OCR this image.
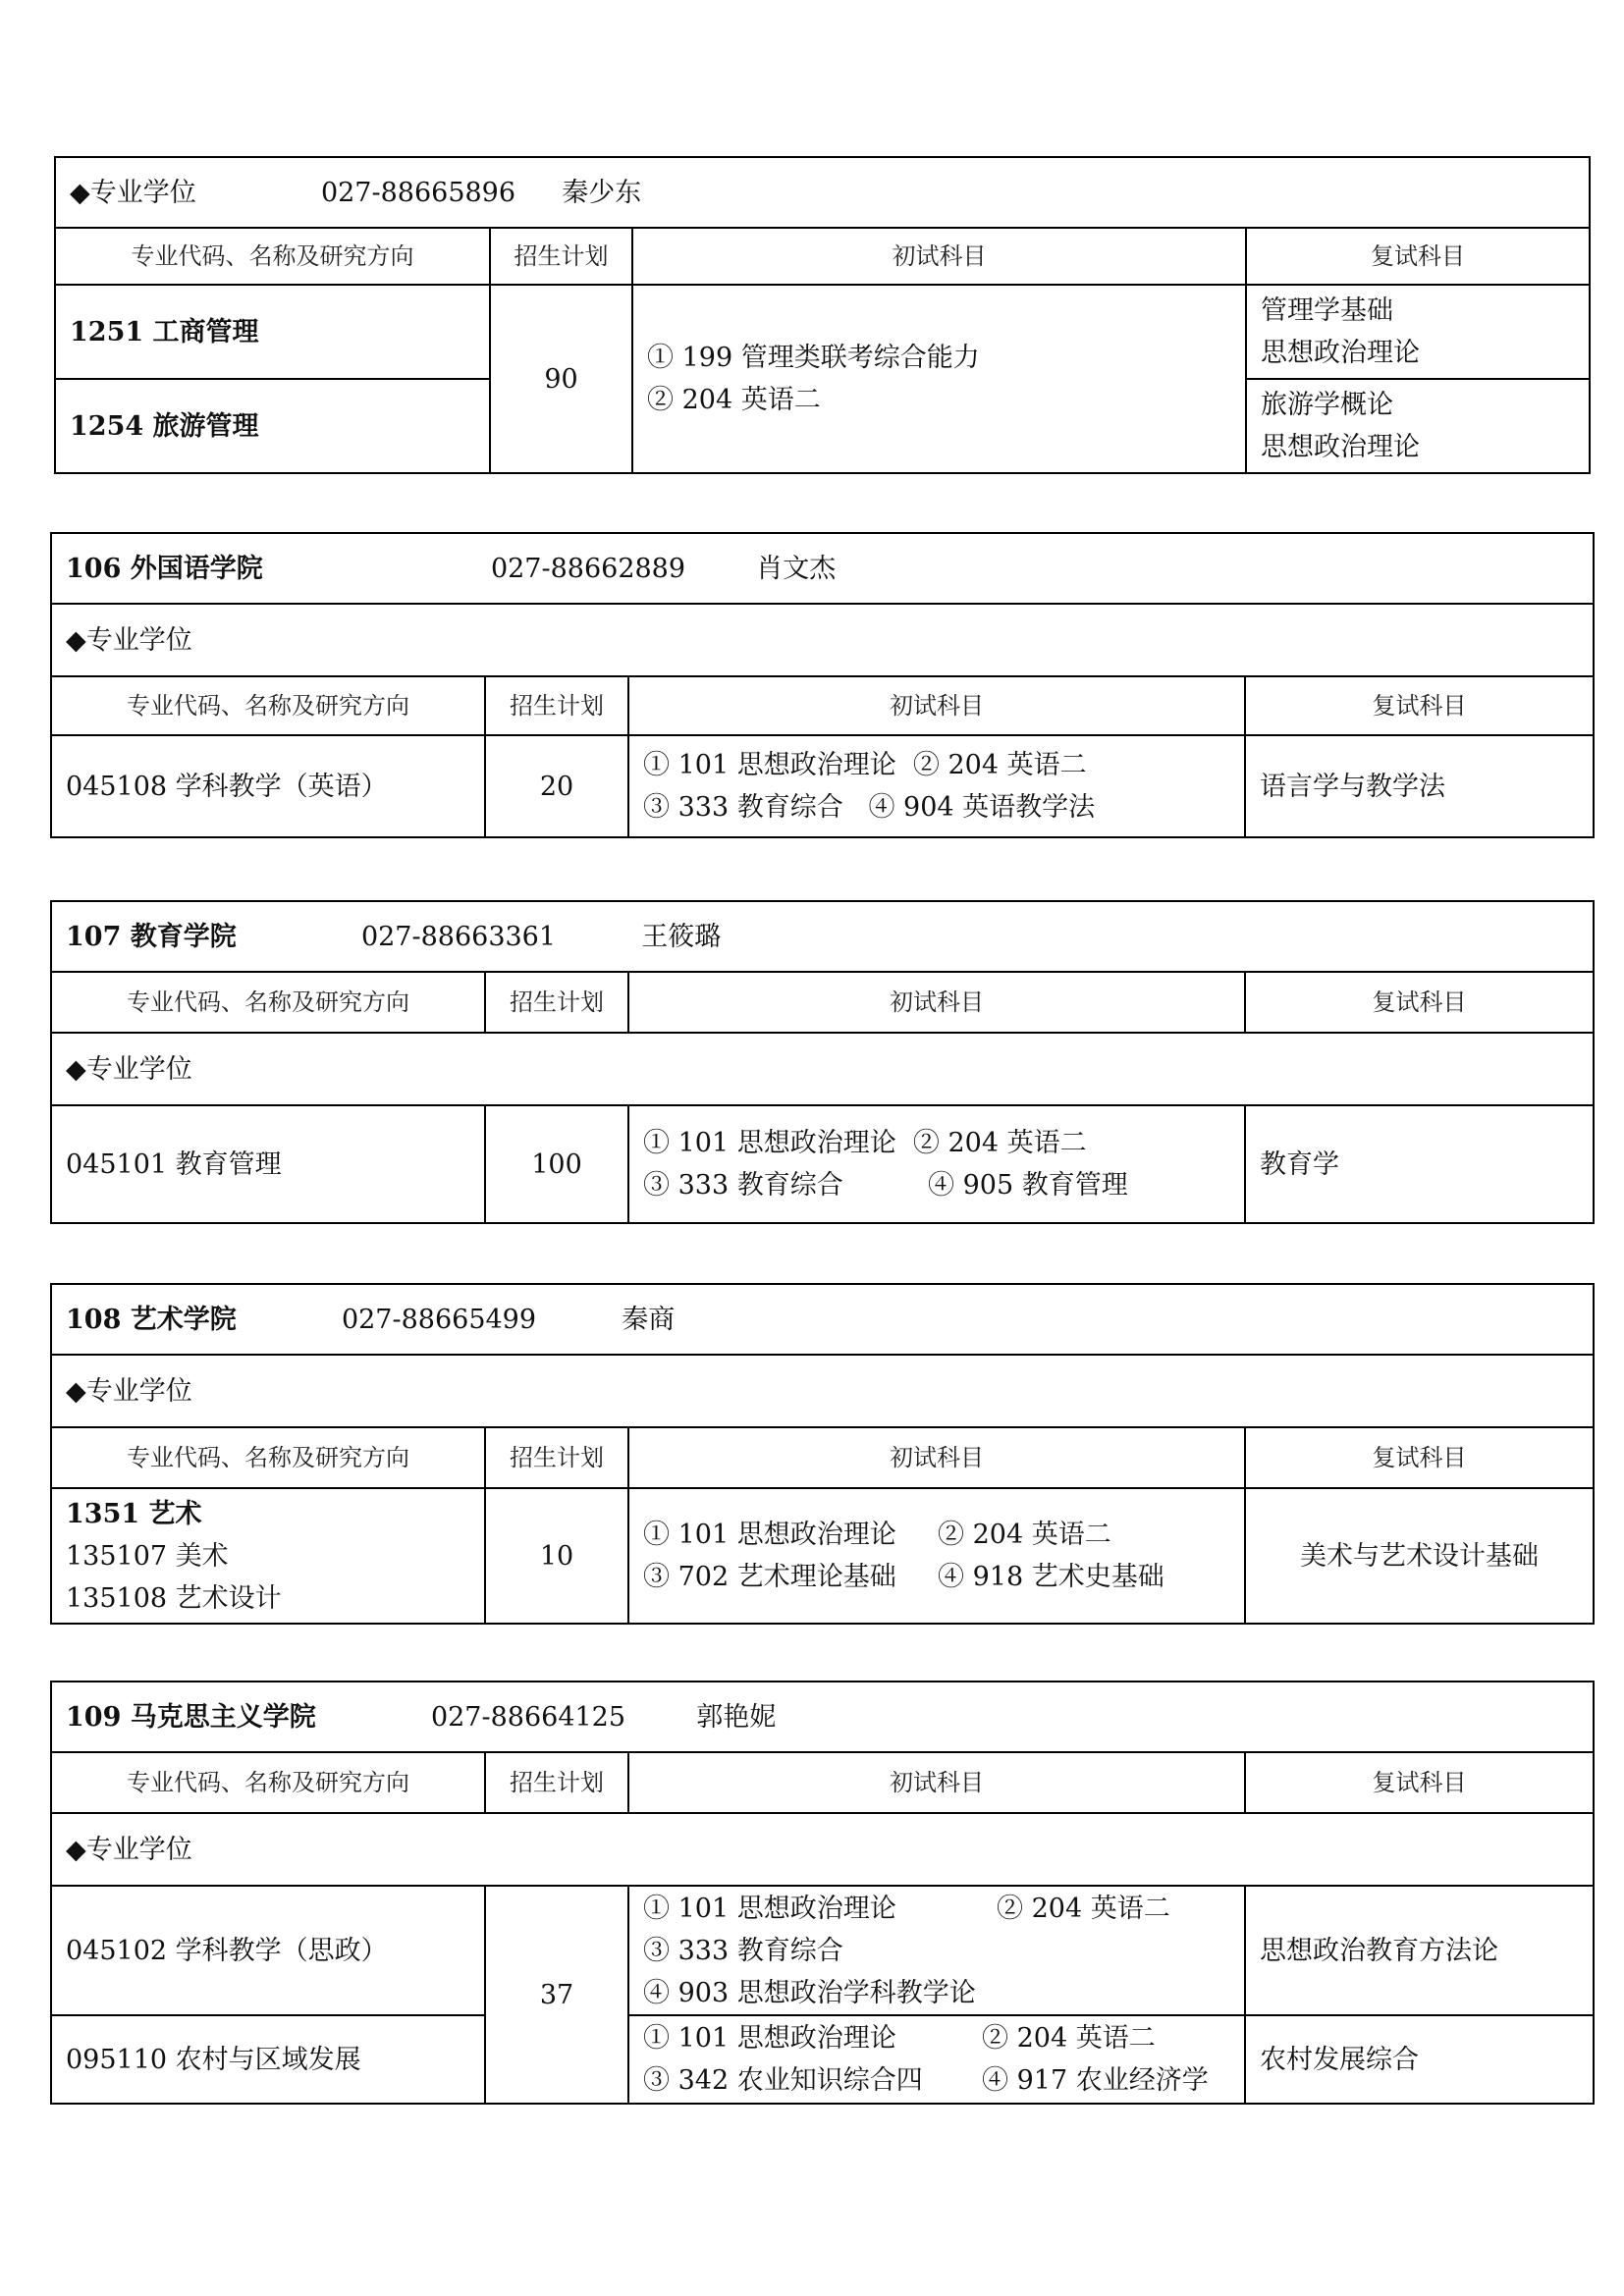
◆专业学位 027-88665896 秦少东			
专业代码、名称及研究方向	招生计划	初试科目	复试科目
1251 工商管理	90	① 199 管理类联考综合能力
② 204 英语二	管理学基础
思想政治理论

1254 旅游管理			旅游学概论
思想政治理论
106 外国语学院 027-88662889 肖文杰			
◆专业学位			
专业代码、名称及研究方向	招生计划	初试科目	复试科目
045108 学科教学（英语）	20	① 101 思想政治理论 ② 204 英语二
③ 333 教育综合 ④ 904 英语教学法	语言学与教学法
107 教育学院 027-88663361 王筱璐			
专业代码、名称及研究方向	招生计划	初试科目	复试科目
◆专业学位			
045101 教育管理	100	① 101 思想政治理论 ② 204 英语二
③ 333 教育综合 ④ 905 教育管理	教育学
108 艺术学院 027-88665499 秦商			
◆专业学位			
专业代码、名称及研究方向	招生计划	初试科目	复试科目

1351 艺术
135107 美术
135108 艺术设计	10	① 101 思想政治理论 ② 204 英语二
③ 702 艺术理论基础 ④ 918 艺术史基础	美术与艺术设计基础
109 马克思主义学院 027-88664125 郭艳妮			
专业代码、名称及研究方向	招生计划	初试科目	复试科目
◆专业学位			
045102 学科教学（思政）	37	① 101 思想政治理论 ② 204 英语二
③ 333 教育综合
④ 903 思想政治学科教学论	思想政治教育方法论
095110 农村与区域发展		① 101 思想政治理论 ② 204 英语二
③ 342 农业知识综合四 ④ 917 农业经济学	农村发展综合
